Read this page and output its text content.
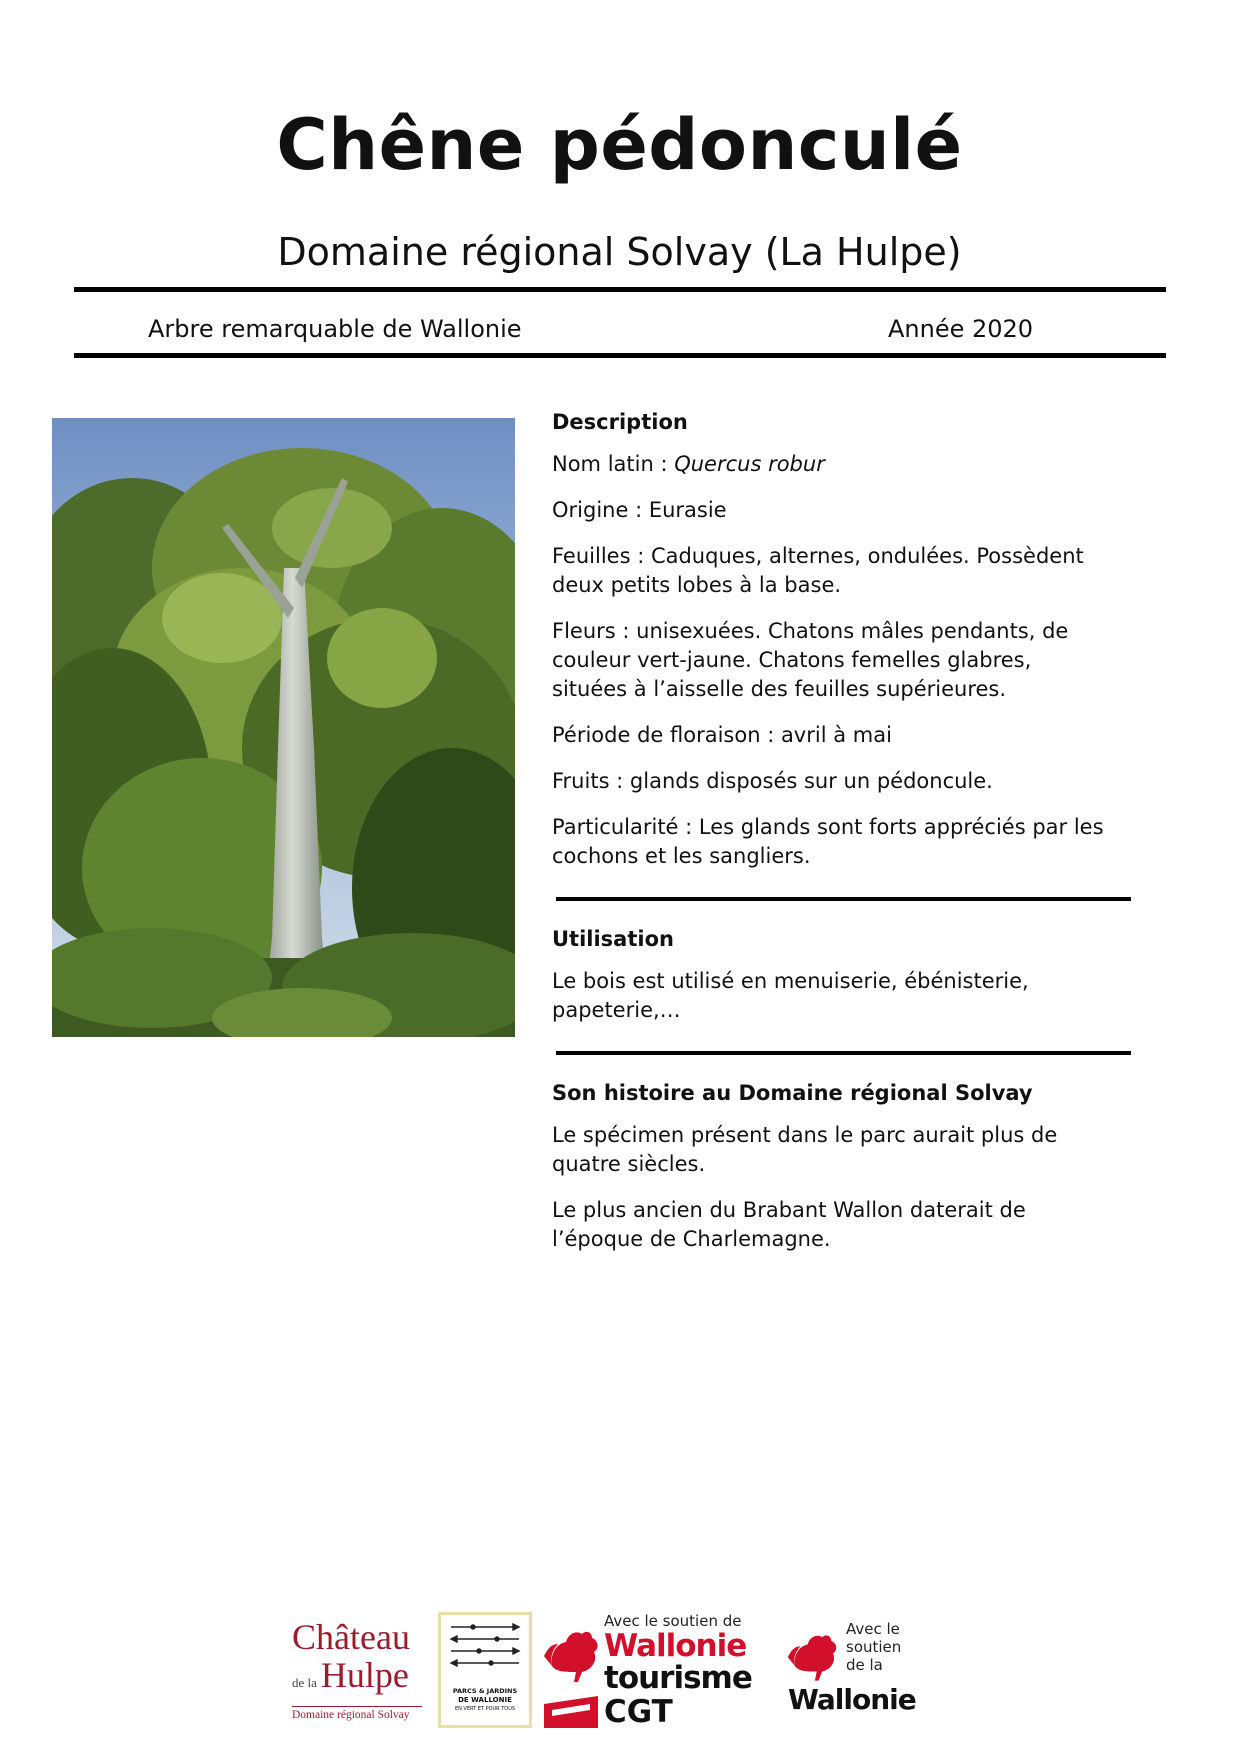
Chêne pédonculé
Domaine régional Solvay (La Hulpe)
Arbre remarquable de Wallonie	Année 2020
Description
Nom latin : Quercus robur
Origine : Eurasie
Feuilles : Caduques, alternes, ondulées. Possèdent deux petits lobes à la base.
Fleurs : unisexuées. Chatons mâles pendants, de couleur vert-jaune. Chatons femelles glabres, situées à l’aisselle des feuilles supérieures.
Période de floraison : avril à mai
Fruits : glands disposés sur un pédoncule.
Particularité : Les glands sont forts appréciés par les cochons et les sangliers.
Utilisation
Le bois est utilisé en menuiserie, ébénisterie, papeterie,…
Son histoire au Domaine régional Solvay
Le spécimen présent dans le parc aurait plus de quatre siècles.
Le plus ancien du Brabant Wallon daterait de l’époque de Charlemagne.
Château
de la Hulpe
Domaine régional Solvay
PARCS & JARDINS
DE WALLONIE
EN VERT ET POUR TOUS
Avec le soutien de
Wallonie
tourisme
CGT
Avec le
soutien
de la
Wallonie
